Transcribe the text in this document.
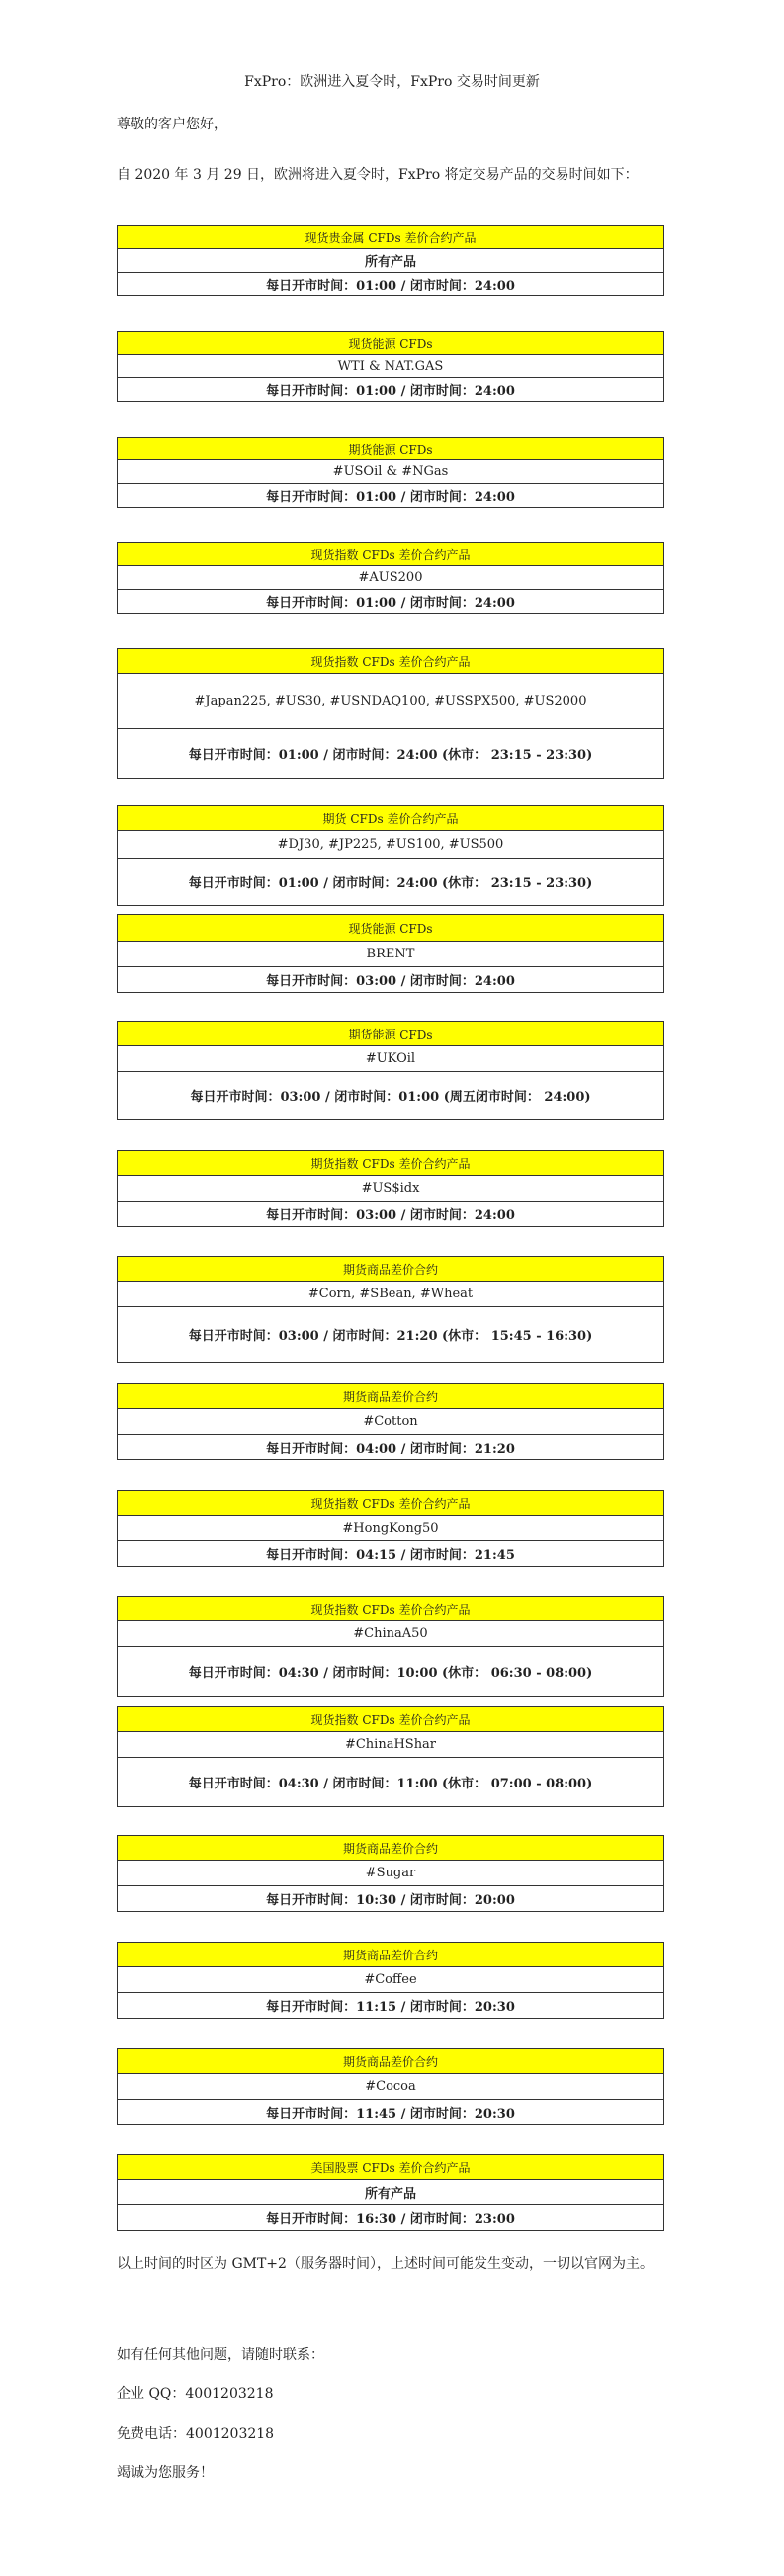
FxPro：欧洲进入夏令时，FxPro 交易时间更新
尊敬的客户您好，
自 2020 年 3 月 29 日，欧洲将进入夏令时，FxPro 将定交易产品的交易时间如下：
现货贵金属 CFDs 差价合约产品
所有产品
每日开市时间：01:00 / 闭市时间：24:00
现货能源 CFDs
WTI & NAT.GAS
每日开市时间：01:00 / 闭市时间：24:00
期货能源 CFDs
#USOil & #NGas
每日开市时间：01:00 / 闭市时间：24:00
现货指数 CFDs 差价合约产品
#AUS200
每日开市时间：01:00 / 闭市时间：24:00
现货指数 CFDs 差价合约产品
#Japan225, #US30, #USNDAQ100, #USSPX500, #US2000
每日开市时间：01:00 / 闭市时间：24:00 (休市： 23:15 - 23:30)
期货 CFDs 差价合约产品
#DJ30, #JP225, #US100, #US500
每日开市时间：01:00 / 闭市时间：24:00 (休市： 23:15 - 23:30)
现货能源 CFDs
BRENT
每日开市时间：03:00 / 闭市时间：24:00
期货能源 CFDs
#UKOil
每日开市时间：03:00 / 闭市时间：01:00 (周五闭市时间： 24:00)
期货指数 CFDs 差价合约产品
#US$idx
每日开市时间：03:00 / 闭市时间：24:00
期货商品差价合约
#Corn, #SBean, #Wheat
每日开市时间：03:00 / 闭市时间：21:20 (休市： 15:45 - 16:30)
期货商品差价合约
#Cotton
每日开市时间：04:00 / 闭市时间：21:20
现货指数 CFDs 差价合约产品
#HongKong50
每日开市时间：04:15 / 闭市时间：21:45
现货指数 CFDs 差价合约产品
#ChinaA50
每日开市时间：04:30 / 闭市时间：10:00 (休市： 06:30 - 08:00)
现货指数 CFDs 差价合约产品
#ChinaHShar
每日开市时间：04:30 / 闭市时间：11:00 (休市： 07:00 - 08:00)
期货商品差价合约
#Sugar
每日开市时间：10:30 / 闭市时间：20:00
期货商品差价合约
#Coffee
每日开市时间：11:15 / 闭市时间：20:30
期货商品差价合约
#Cocoa
每日开市时间：11:45 / 闭市时间：20:30
美国股票 CFDs 差价合约产品
所有产品
每日开市时间：16:30 / 闭市时间：23:00
以上时间的时区为 GMT+2（服务器时间），上述时间可能发生变动，一切以官网为主。
如有任何其他问题，请随时联系：
企业 QQ：4001203218
免费电话：4001203218
竭诚为您服务！
